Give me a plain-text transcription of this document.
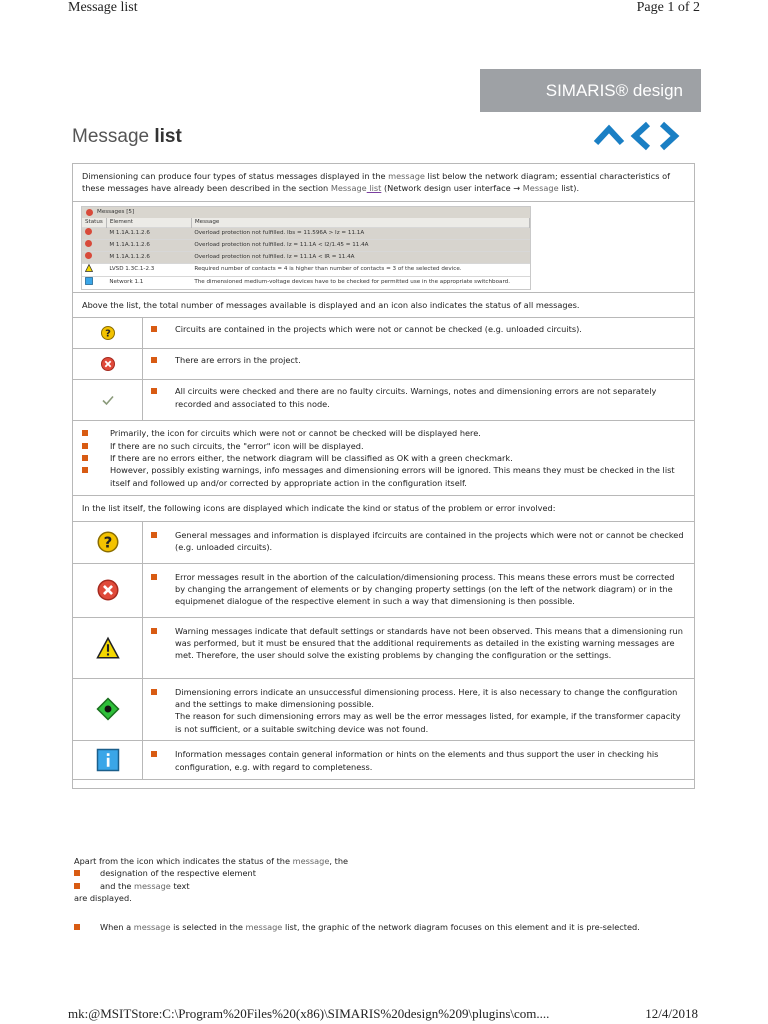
Message list	Page 1 of 2
SIMARIS® design
Message list
Dimensioning can produce four types of status messages displayed in the message list below the network diagram; essential characteristics of these messages have already been described in the section Message list (Network design user interface → Message list).
Messages [5]
Status	Element	Message
	M 1.1A.1.1.2.6	Overload protection not fulfilled. Ibs = 11.596A > Iz = 11.1A
	M 1.1A.1.1.2.6	Overload protection not fulfilled. Iz = 11.1A < I2/1.45 = 11.4A
	M 1.1A.1.1.2.6	Overload protection not fulfilled. Iz = 11.1A < IR = 11.4A
	LVSD 1.3C.1-2.3	Required number of contacts = 4 is higher than number of contacts = 3 of the selected device.
	Network 1.1	The dimensioned medium-voltage devices have to be checked for permitted use in the appropriate switchboard.
Above the list, the total number of messages available is displayed and an icon also indicates the status of all messages.
?	Circuits are contained in the projects which were not or cannot be checked (e.g. unloaded circuits).
There are errors in the project.
All circuits were checked and there are no faulty circuits. Warnings, notes and dimensioning errors are not separately recorded and associated to this node.
Primarily, the icon for circuits which were not or cannot be checked will be displayed here.
If there are no such circuits, the "error" icon will be displayed.
If there are no errors either, the network diagram will be classified as OK with a green checkmark.
However, possibly existing warnings, info messages and dimensioning errors will be ignored. This means they must be checked in the list itself and followed up and/or corrected by appropriate action in the configuration itself.
In the list itself, the following icons are displayed which indicate the kind or status of the problem or error involved:
?	General messages and information is displayed ifcircuits are contained in the projects which were not or cannot be checked (e.g. unloaded circuits).
Error messages result in the abortion of the calculation/dimensioning process. This means these errors must be corrected by changing the arrangement of elements or by changing property settings (on the left of the network diagram) or in the equipmenet dialogue of the respective element in such a way that dimensioning is then possible.
Warning messages indicate that default settings or standards have not been observed. This means that a dimensioning run was performed, but it must be ensured that the additional requirements as detailed in the existing warning messages are met. Therefore, the user should solve the existing problems by changing the configuration or the settings.
Dimensioning errors indicate an unsuccessful dimensioning process. Here, it is also necessary to change the configuration and the settings to make dimensioning possible.
The reason for such dimensioning errors may as well be the error messages listed, for example, if the transformer capacity is not sufficient, or a suitable switching device was not found.
Information messages contain general information or hints on the elements and thus support the user in checking his configuration, e.g. with regard to completeness.
Apart from the icon which indicates the status of the message, the
designation of the respective element
and the message text
are displayed.
When a message is selected in the message list, the graphic of the network diagram focuses on this element and it is pre-selected.
mk:@MSITStore:C:\Program%20Files%20(x86)\SIMARIS%20design%209\plugins\com....	12/4/2018
